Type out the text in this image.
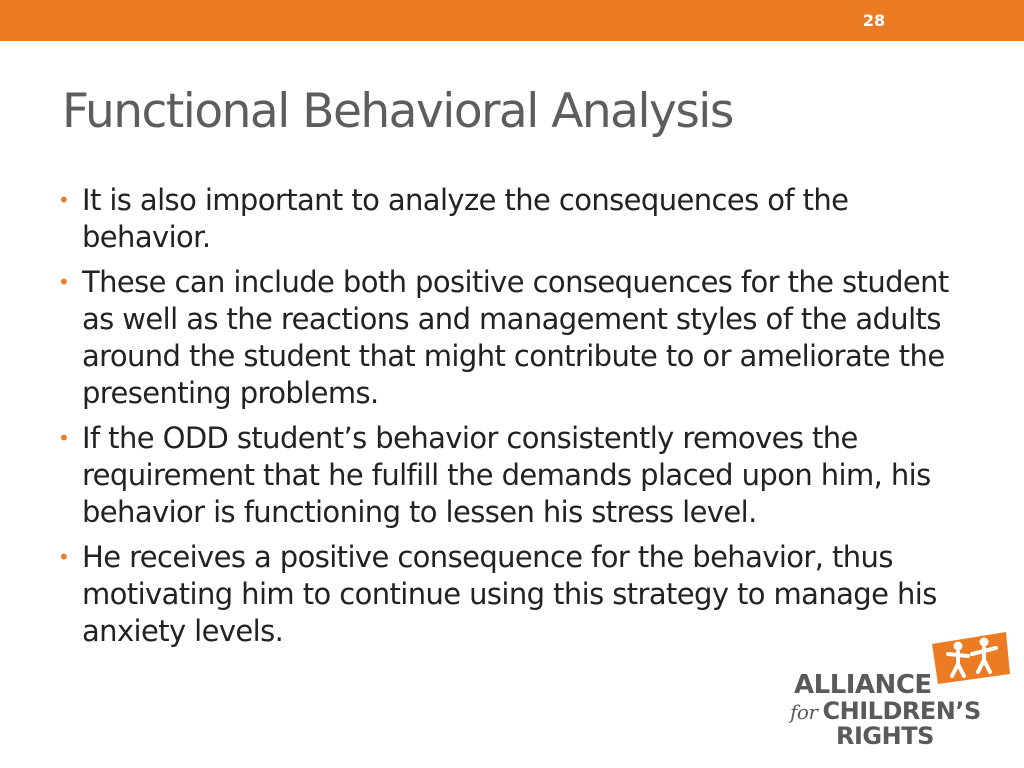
28
Functional Behavioral Analysis
• It is also important to analyze the consequences of the behavior.
• These can include both positive consequences for the student as well as the reactions and management styles of the adults around the student that might contribute to or ameliorate the presenting problems.
• If the ODD student’s behavior consistently removes the requirement that he fulfill the demands placed upon him, his behavior is functioning to lessen his stress level.
• He receives a positive consequence for the behavior, thus motivating him to continue using this strategy to manage his anxiety levels.
ALLIANCE
for CHILDREN’S
RIGHTS
